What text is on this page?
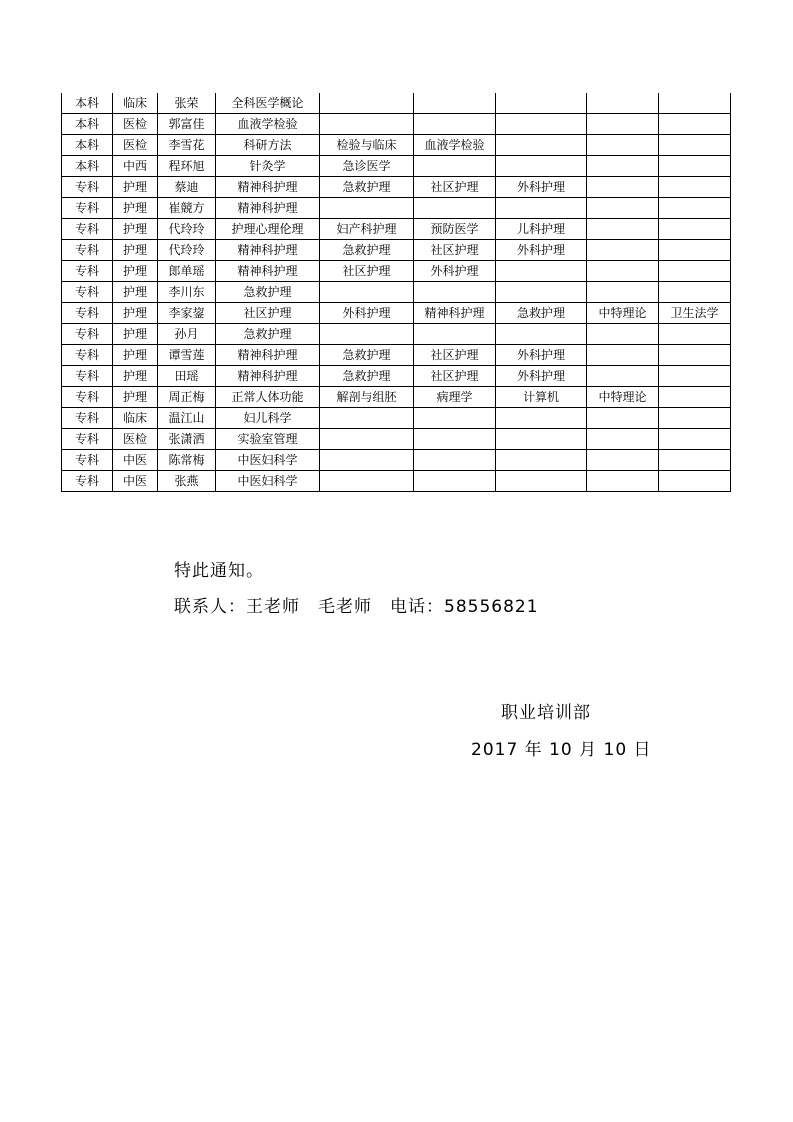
本科	临床	张荣	全科医学概论					
本科	医检	郭富佳	血液学检验					
本科	医检	李雪花	科研方法	检验与临床	血液学检验			
本科	中西	程环旭	针灸学	急诊医学				
专科	护理	蔡迪	精神科护理	急救护理	社区护理	外科护理		
专科	护理	崔競方	精神科护理					
专科	护理	代玲玲	护理心理伦理	妇产科护理	预防医学	儿科护理		
专科	护理	代玲玲	精神科护理	急救护理	社区护理	外科护理		
专科	护理	郎单瑶	精神科护理	社区护理	外科护理			
专科	护理	李川东	急救护理					
专科	护理	李家鋆	社区护理	外科护理	精神科护理	急救护理	中特理论	卫生法学
专科	护理	孙月	急救护理					
专科	护理	谭雪莲	精神科护理	急救护理	社区护理	外科护理		
专科	护理	田瑶	精神科护理	急救护理	社区护理	外科护理		
专科	护理	周正梅	正常人体功能	解剖与组胚	病理学	计算机	中特理论	
专科	临床	温江山	妇儿科学					
专科	医检	张潇洒	实验室管理					
专科	中医	陈常梅	中医妇科学					
专科	中医	张燕	中医妇科学					
特此通知。
联系人：王老师 毛老师 电话：58556821
职业培训部
2017 年 10 月 10 日
